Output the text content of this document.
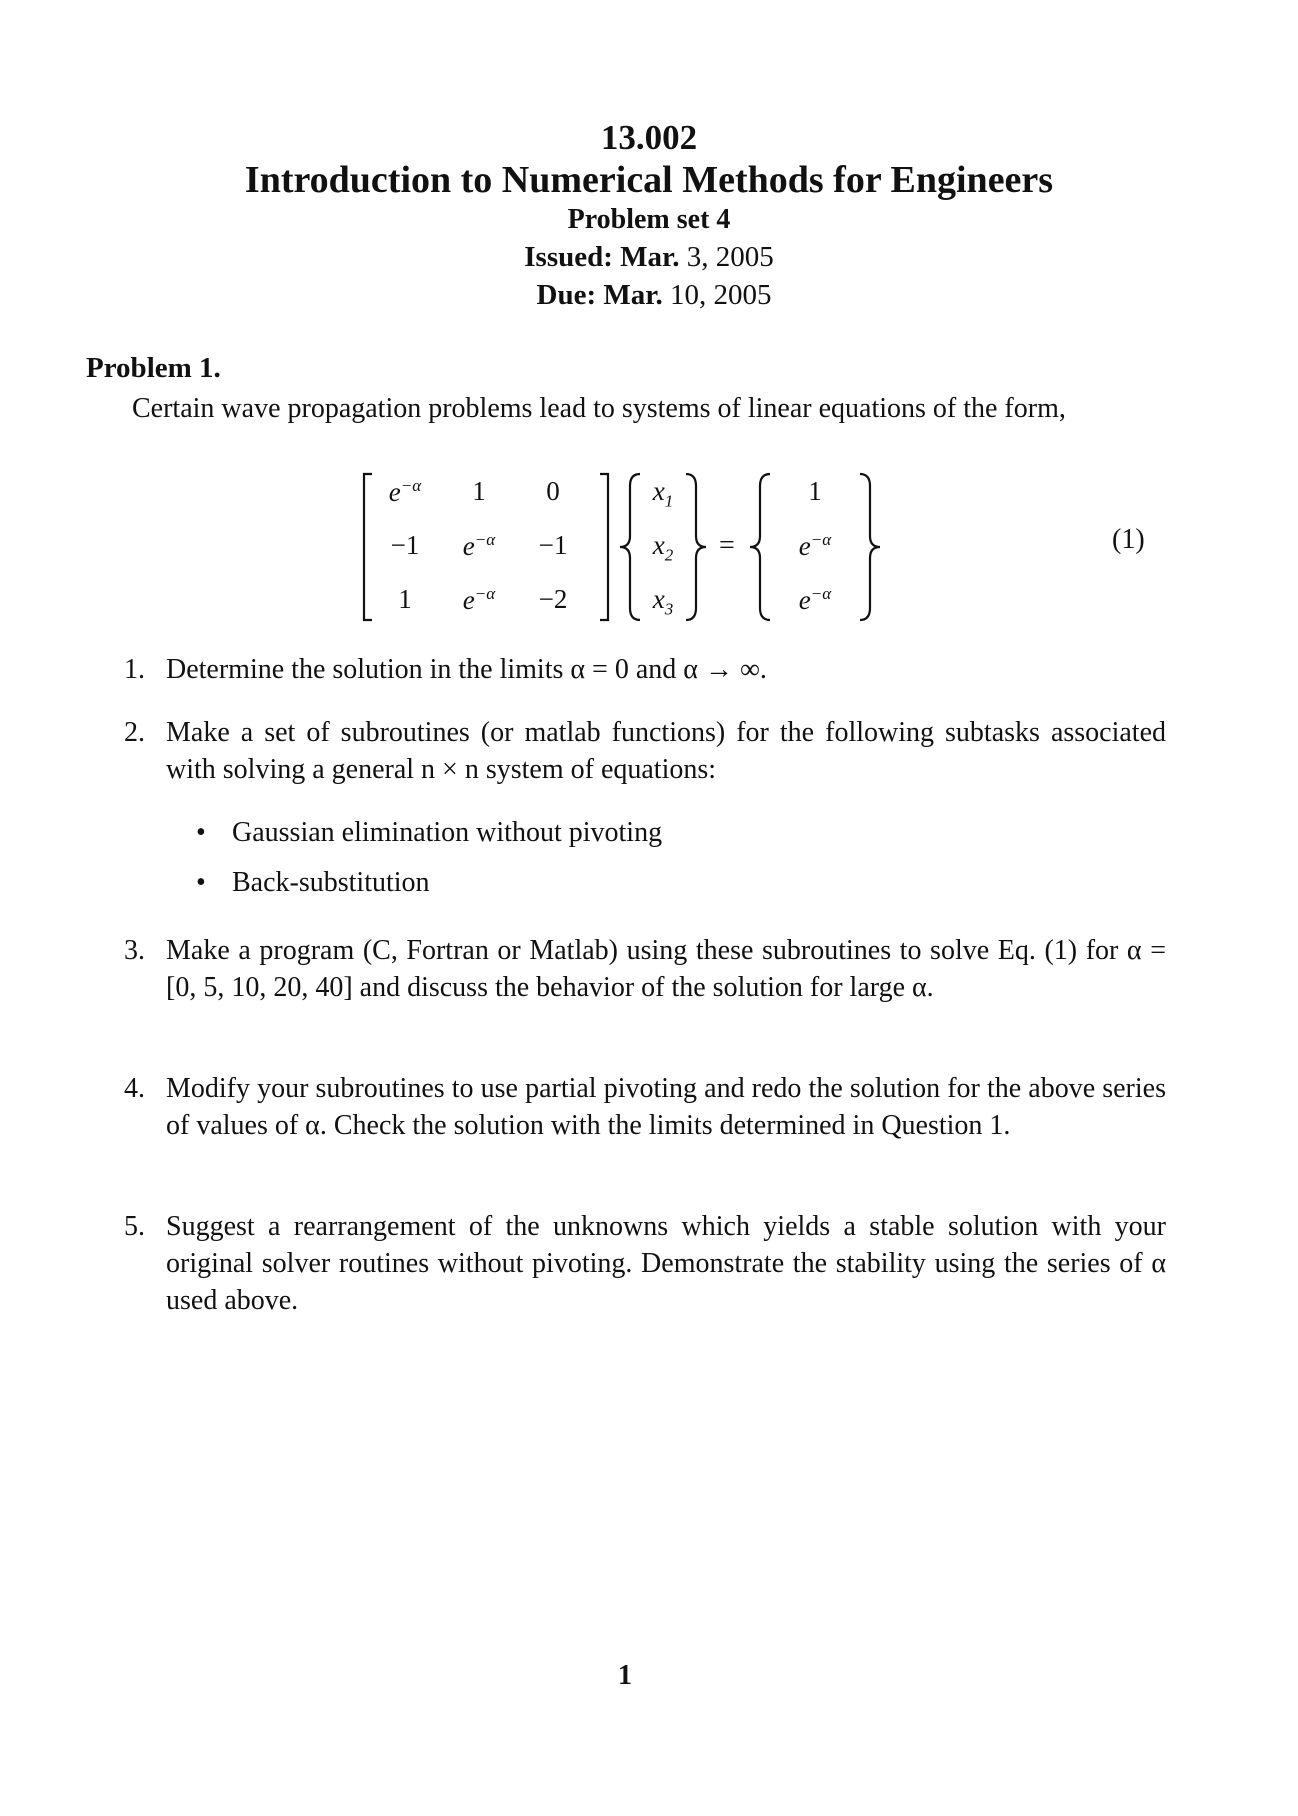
13.002
Introduction to Numerical Methods for Engineers
Problem set 4
Issued: Mar. 3, 2005
Due: Mar. 10, 2005
Problem 1.
Certain wave propagation problems lead to systems of linear equations of the form,
$e^{-\alpha}$	1	0
−1	$e^{-\alpha}$	−1
1	$e^{-\alpha}$	−2
$x_1$
$x_2$
$x_3$
=
1
$e^{-\alpha}$
$e^{-\alpha}$
(1)
1. Determine the solution in the limits α = 0 and α → ∞.
2. Make a set of subroutines (or matlab functions) for the following subtasks associated with solving a general n × n system of equations:
• Gaussian elimination without pivoting
• Back-substitution
3. Make a program (C, Fortran or Matlab) using these subroutines to solve Eq. (1) for α = [0, 5, 10, 20, 40] and discuss the behavior of the solution for large α.
4. Modify your subroutines to use partial pivoting and redo the solution for the above series of values of α. Check the solution with the limits determined in Question 1.
5. Suggest a rearrangement of the unknowns which yields a stable solution with your original solver routines without pivoting. Demonstrate the stability using the series of α used above.
1
